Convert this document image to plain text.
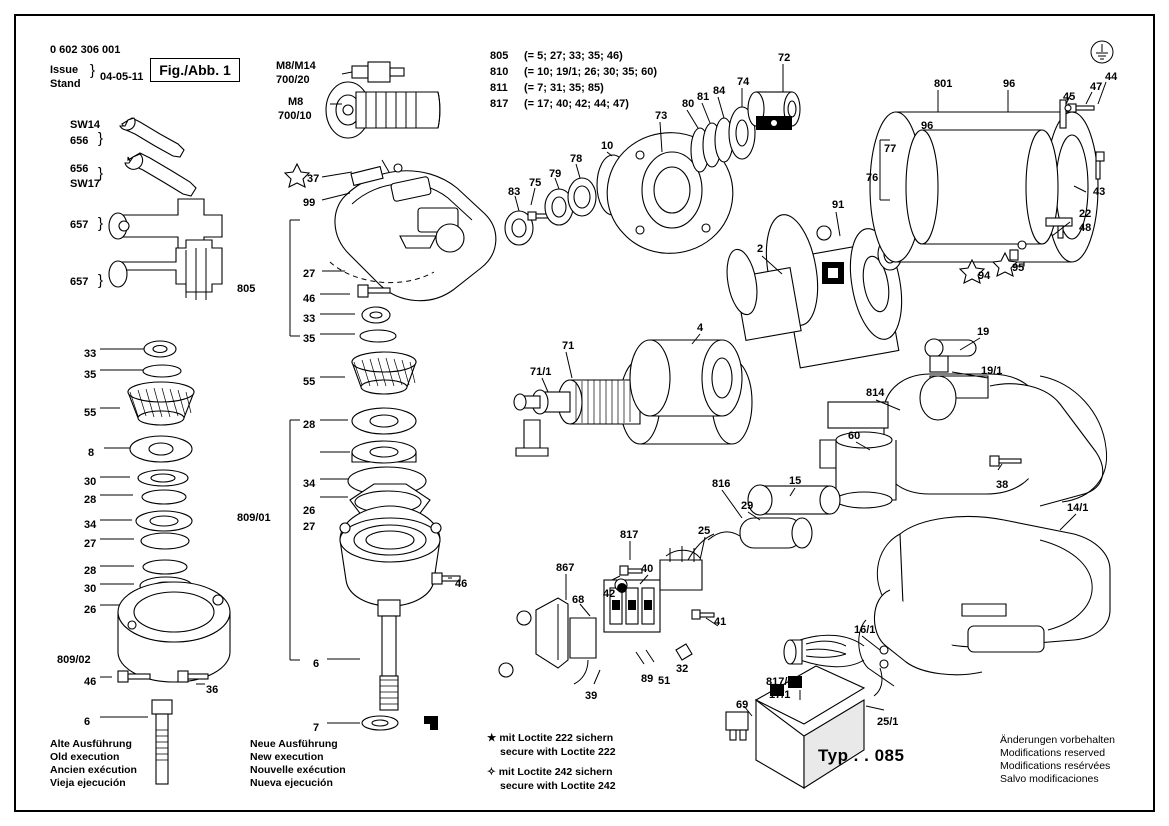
0 602 306 001
Issue
Stand
} 04-05-11	Fig./Abb. 1
SW14
656 }
656
SW17
}
657 }
657 }
M8/M14
700/20
M8
700/10
805 (= 5; 27; 33; 35; 46)
810 (= 10; 19/1; 26; 30; 35; 60)
811 (= 7; 31; 35; 85)
817 (= 17; 40; 42; 44; 47)
37
99
805
27
46
33
35
55
28
34
26
27
809/01
46
6
7
33
35
55
8
30
28
34
27
28
30
26
809/02
46
36
6
83
75
79
78
10
73
80
81 84
74
72
2
4
71
71/1
91
94
95
801	96
96
77
76
45
47
44
43
22
48
19
19/1
814
60
38
14/1
15
816
29
25
817
40
42
867
68
41
39
89 51
32
16/1
69
817/01
17/1
25/1
★ mit Loctite 222 sichern
secure with Loctite 222
✧ mit Loctite 242 sichern
secure with Loctite 242
Alte Ausführung
Old execution
Ancien exécution
Vieja ejecución
Neue Ausführung
New execution
Nouvelle exécution
Nueva ejecución
Typ . . 085
Änderungen vorbehalten
Modifications reserved
Modifications resérvées
Salvo modificaciones
